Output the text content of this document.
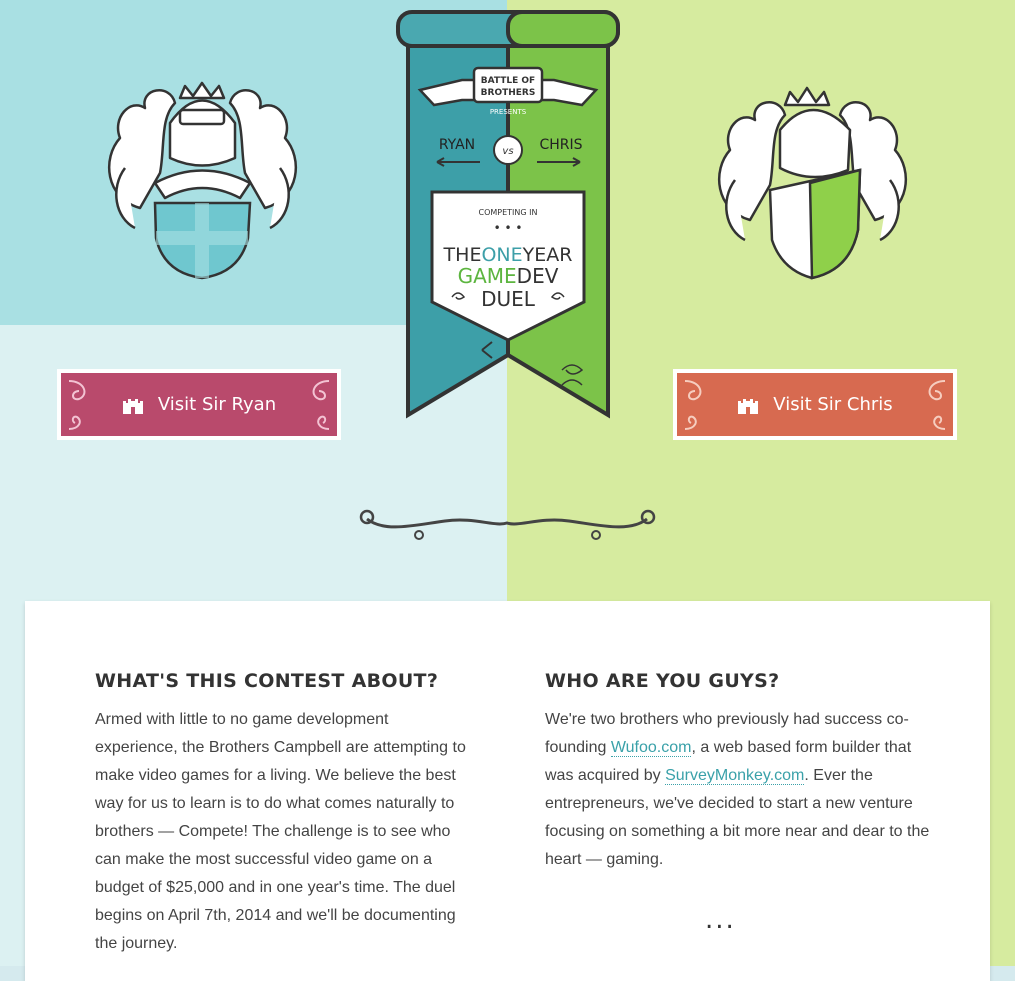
BATTLE OF
BROTHERS
PRESENTS
RYAN	CHRIS
vs
COMPETING IN
• • •
THEONEYEAR
GAMEDEV
DUEL
Visit Sir Ryan	Visit Sir Chris
WHAT'S THIS CONTEST ABOUT?

Armed with little to no game development experience, the Brothers Campbell are attempting to make video games for a living. We believe the best way for us to learn is to do what comes naturally to brothers — Compete! The challenge is to see who can make the most successful video game on a budget of $25,000 and in one year's time. The duel begins on April 7th, 2014 and we'll be documenting the journey.

WHO ARE YOU GUYS?

We're two brothers who previously had success co-founding Wufoo.com, a web based form builder that was acquired by SurveyMonkey.com. Ever the entrepreneurs, we've decided to start a new venture focusing on something a bit more near and dear to the heart — gaming.

...
